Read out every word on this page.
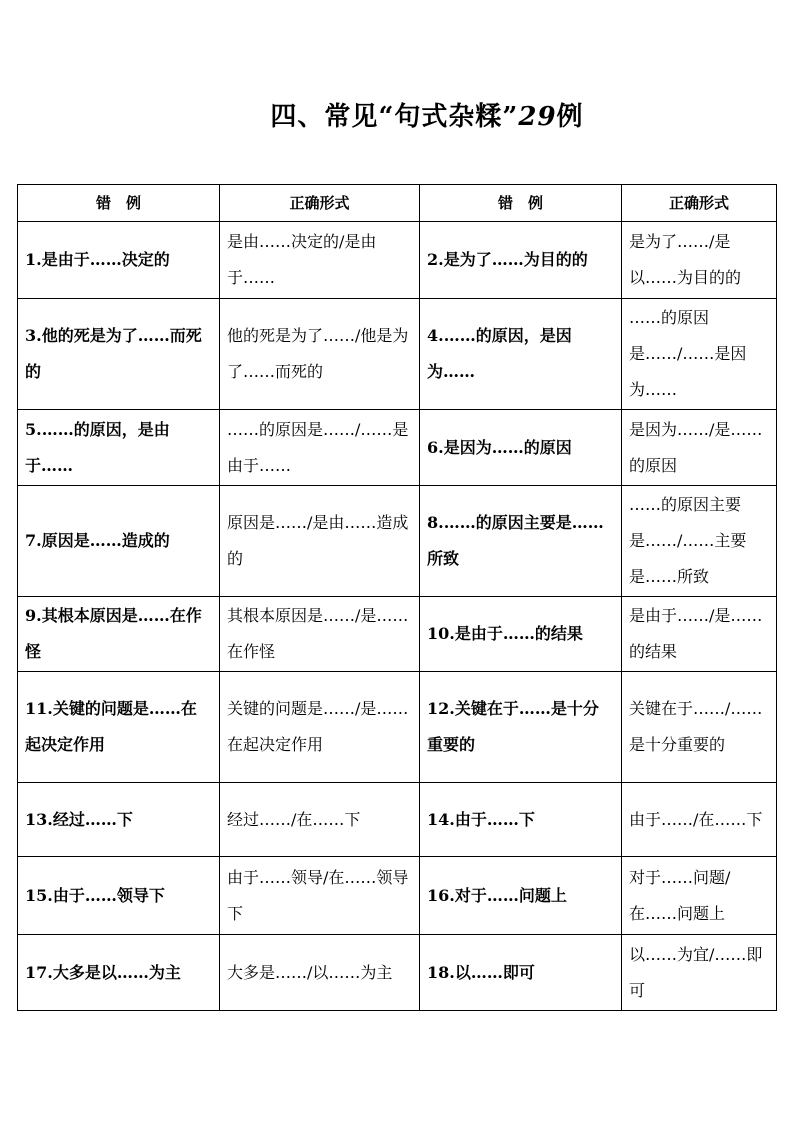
四、常见“句式杂糅”29例
错　例	正确形式	错　例	正确形式
1.是由于……决定的	是由……决定的/是由于……	2.是为了……为目的的	是为了……/是以……为目的的
3.他的死是为了……而死的	他的死是为了……/他是为了……而死的	4.……的原因，是因为……	……的原因是……/……是因为……
5.……的原因，是由于……	……的原因是……/……是由于……	6.是因为……的原因	是因为……/是……的原因
7.原因是……造成的	原因是……/是由……造成的	8.……的原因主要是……所致	……的原因主要是……/……主要是……所致
9.其根本原因是……在作怪	其根本原因是……/是……在作怪	10.是由于……的结果	是由于……/是……的结果
11.关键的问题是……在起决定作用	关键的问题是……/是……在起决定作用	12.关键在于……是十分重要的	关键在于……/……是十分重要的
13.经过……下	经过……/在……下	14.由于……下	由于……/在……下
15.由于……领导下	由于……领导/在……领导下	16.对于……问题上	对于……问题/在……问题上
17.大多是以……为主	大多是……/以……为主	18.以……即可	以……为宜/……即可
